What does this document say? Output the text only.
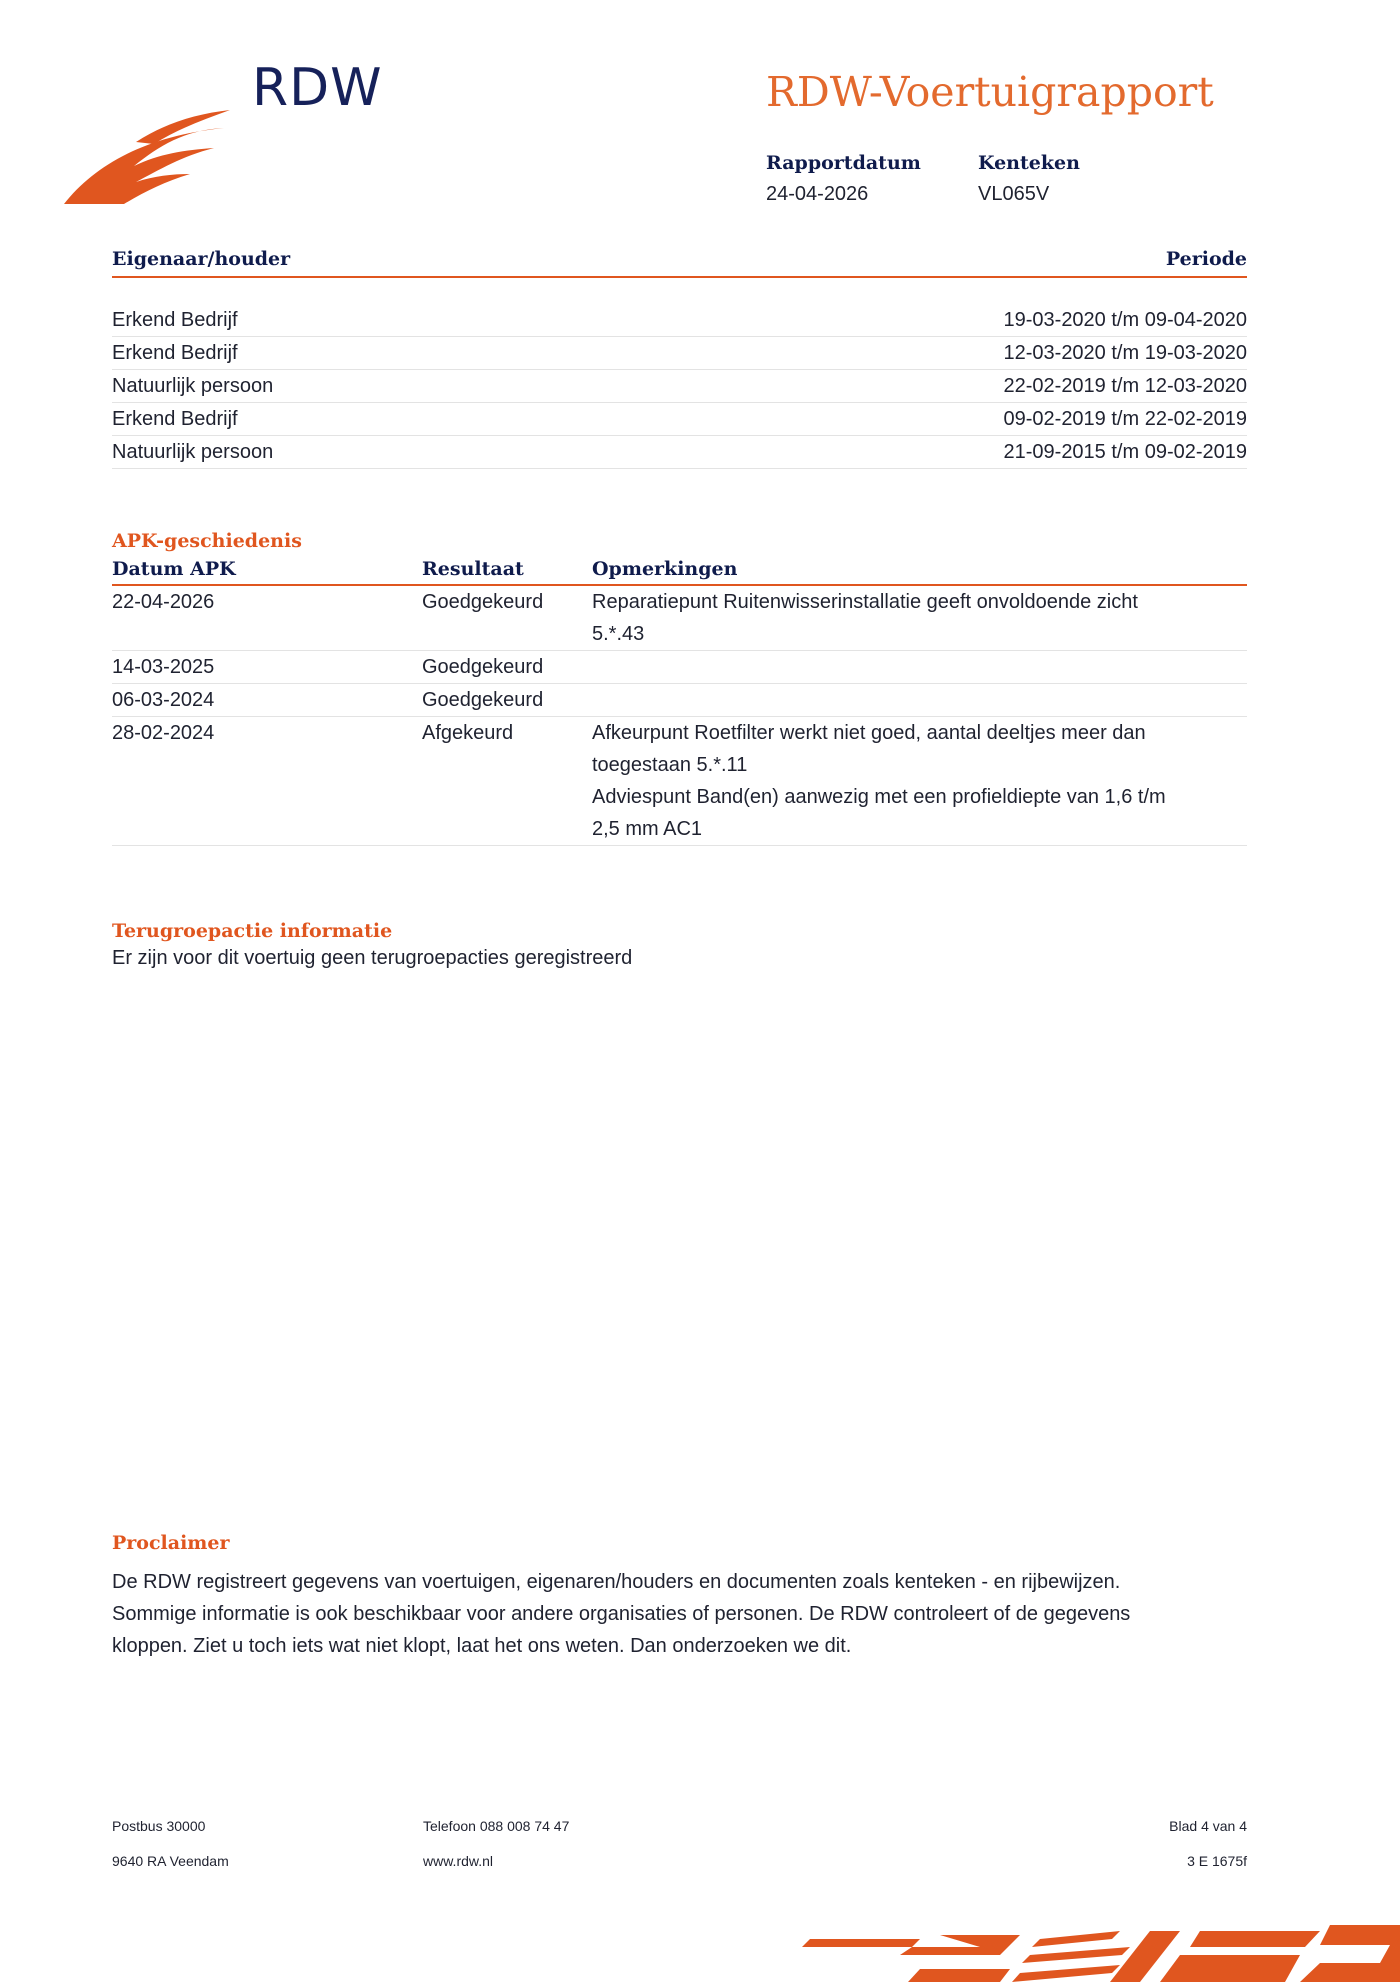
RDW	RDW-Voertuigrapport
Rapportdatum
24-04-2026
Kenteken
VL065V
Eigenaar/houder	Periode
Erkend Bedrijf	19-03-2020 t/m 09-04-2020
Erkend Bedrijf	12-03-2020 t/m 19-03-2020
Natuurlijk persoon	22-02-2019 t/m 12-03-2020
Erkend Bedrijf	09-02-2019 t/m 22-02-2019
Natuurlijk persoon	21-09-2015 t/m 09-02-2019
APK-geschiedenis
Datum APK	Resultaat	Opmerkingen
22-04-2026	Goedgekeurd	Reparatiepunt Ruitenwisserinstallatie geeft onvoldoende zicht
5.*.43
14-03-2025	Goedgekeurd
06-03-2024	Goedgekeurd
28-02-2024	Afgekeurd	Afkeurpunt Roetfilter werkt niet goed, aantal deeltjes meer dan
toegestaan 5.*.11
Adviespunt Band(en) aanwezig met een profieldiepte van 1,6 t/m
2,5 mm AC1
Terugroepactie informatie
Er zijn voor dit voertuig geen terugroepacties geregistreerd
Proclaimer
De RDW registreert gegevens van voertuigen, eigenaren/houders en documenten zoals kenteken - en rijbewijzen.
Sommige informatie is ook beschikbaar voor andere organisaties of personen. De RDW controleert of de gegevens
kloppen. Ziet u toch iets wat niet klopt, laat het ons weten. Dan onderzoeken we dit.
Postbus 30000
9640 RA Veendam
Telefoon 088 008 74 47
www.rdw.nl
Blad 4 van 4
3 E 1675f
